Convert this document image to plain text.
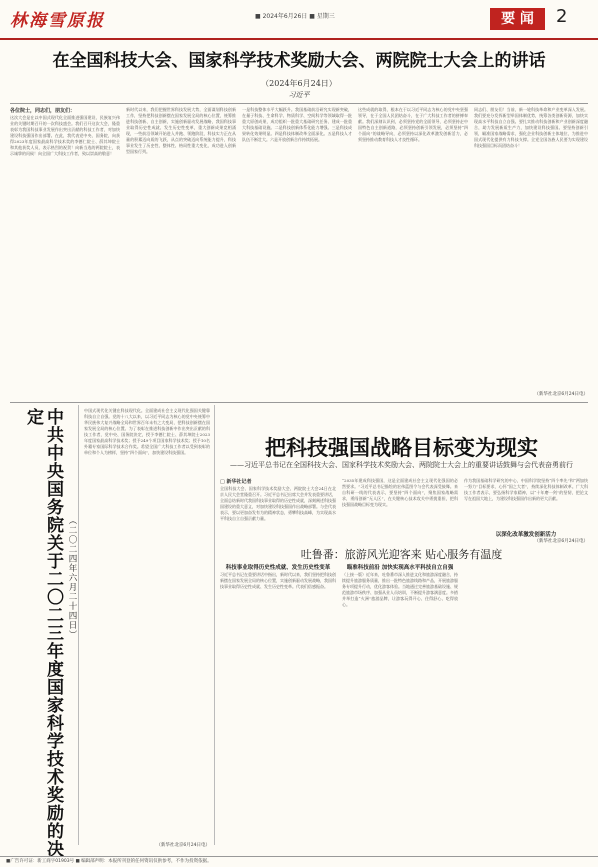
林海雪原报	■ 2024年6月26日 ■ 星期三	要 闻	2
在全国科技大会、国家科学技术奖励大会、两院院士大会上的讲话
（2024年6月24日）
习近平
各位院士，同志们，朋友们：
这次大会是在以中国式现代化全面推进强国建设、民族复兴伟业的关键时期召开的一次科技盛会。我们召开这次大会，隆重表彰为我国科技事业发展作出突出贡献的科技工作者，对加快建设科技强国作出部署。在此，我代表党中央、国务院，向获得2023年度国家最高科学技术奖的李德仁院士、薛其坤院士和其他获奖人员，表示热烈的祝贺！向新当选的两院院士，表示诚挚的问候！向全国广大科技工作者，致以崇高的敬意！
新时代以来，我们把握世界科技发展大势，全面谋划科技创新工作，坚持把科技创新摆在国家发展全局的核心位置，统筹推进科技创新、自主创新，实施创新驱动发展战略，我国科技事业取得历史性成就、发生历史性变革，重大创新成果竞相涌现，一些前沿领域开始进入并跑、领跑阶段，科技实力正在从量的积累迈向质的飞跃，从点的突破迈向系统能力提升，科技事业发生了历史性、整体性、格局性重大变化，成功进入创新型国家行列。
一是科技整体水平大幅跃升。我国基础前沿研究实现新突破，在量子科技、生命科学、物质科学、空间科学等领域取得一批重大原创成果，成功组织一批重大基础研究任务、建成一批重大科技基础设施。二是科技创新体系化能力增强。三是科技成果转化效果明显。四是科技体制改革全面深化。五是科技人才队伍不断壮大。六是开放创新合作持续拓展。
这些成就的取得，根本在于以习近平同志为核心的党中央坚强领导，在于全国人民团结奋斗，在于广大科技工作者的拼搏奉献。我们深刻认识到，必须坚持党的全面领导，必须坚持走中国特色自主创新道路，必须坚持创新引领发展，必须坚持“四个面向”的战略导向，必须坚持以深化改革激发创新活力，必须坚持推动教育科技人才良性循环。
同志们、朋友们！当前，新一轮科技革命和产业变革深入发展。我们要充分发挥新型举国体制优势，统筹各类创新资源，加快实现高水平科技自立自强。要扎实推动科技创新和产业创新深度融合，助力发展新质生产力，加快建设科技强国。要坚持创新引领，瞄准国家战略需求，强化企业科技创新主体地位，为推进中国式现代化提供有力科技支撑。全党全国各族人民要为实现建设科技强国目标而团结奋斗！
（新华社北京6月24日电）
中共中央国务院关于二〇二三年度国家科学技术奖励的决定
（二〇二四年六月二十四日）
中国式现代化关键在科技现代化。全面建成社会主义现代化强国关键靠科技自立自强。党的十八大以来，以习近平同志为核心的党中央统筹中华民族伟大复兴战略全局和世界百年未有之大变局，把科技创新摆在国家发展全局的核心位置。为了表彰在推进科技创新中作出突出贡献的科技工作者，党中央、国务院决定，授予李德仁院士、薛其坤院士2023年度国家最高科学技术奖；授予249个项目国家科学技术奖；授予10名外籍专家国际科学技术合作奖。希望全国广大科技工作者以受到表彰的单位和个人为榜样，坚持“四个面向”，加快建设科技强国。
（新华社北京6月24日电）
把科技强国战略目标变为现实
——习近平总书记在全国科技大会、国家科学技术奖励大会、两院院士大会上的重要讲话鼓舞与会代表奋勇前行
□ 新华社记者
全国科技大会、国家科学技术奖励大会、两院院士大会24日在北京人民大会堂隆重召开。习近平总书记出席大会并发表重要讲话，全面总结新时代我国科技事业取得的历史性成就，深刻阐述科技强国建设的重大意义，对加快建设科技强国作出战略部署。与会代表表示，要以更加奋发有为的精神状态，勇攀科技高峰，为实现高水平科技自立自强贡献力量。
“2035年建成科技强国，这是全面建成社会主义现代化强国的必然要求。”习近平总书记描绘的宏伟蓝图令与会代表深受鼓舞。来自科研一线的代表表示，要坚持“四个面向”，聚焦国家战略需求，勇闯创新“无人区”，在关键核心技术攻关中勇挑重担，把科技强国战略目标变为现实。
作为我国基础科学研究的中心，中国科学院坚持“四个率先”和“两加快一努力”目标要求，心怀“国之大者”，持续深化科技体制改革。广大科技工作者表示，要弘扬科学家精神，以“十年磨一剑”的坚韧，把论文写在祖国大地上，为建设科技强国作出新的更大贡献。
以深化改革激发创新活力
（新华社北京6月24日电）
吐鲁番：旅游风光迎客来 贴心服务有温度
科技事业取得历史性成就、发生历史性变革
习近平总书记在重要讲话中指出，新时代以来，我们坚持把科技创新摆在国家发展全局的核心位置，实施创新驱动发展战略，我国科技事业取得历史性成就、发生历史性变革。代表们倍感振奋。
瞄准科技前沿 加快实现高水平科技自立自强
（上接一版）近年来，吐鲁番市深入推进文化和旅游深度融合，持续提升旅游服务质量，推出一批特色旅游线路和产品，开展旅游服务专项提升行动，优化游客体验。当地通过完善旅游基础设施、规范旅游市场秩序、加强从业人员培训，不断提升游客满意度。多措并举打造“火洲”旅游品牌，让游客玩得开心、住得舒心、吃得放心。
■广告许可证：新工商字01903号 ■ 编辑部声明：本报所刊登的任何资讯仅供参考，不作为投资依据。
